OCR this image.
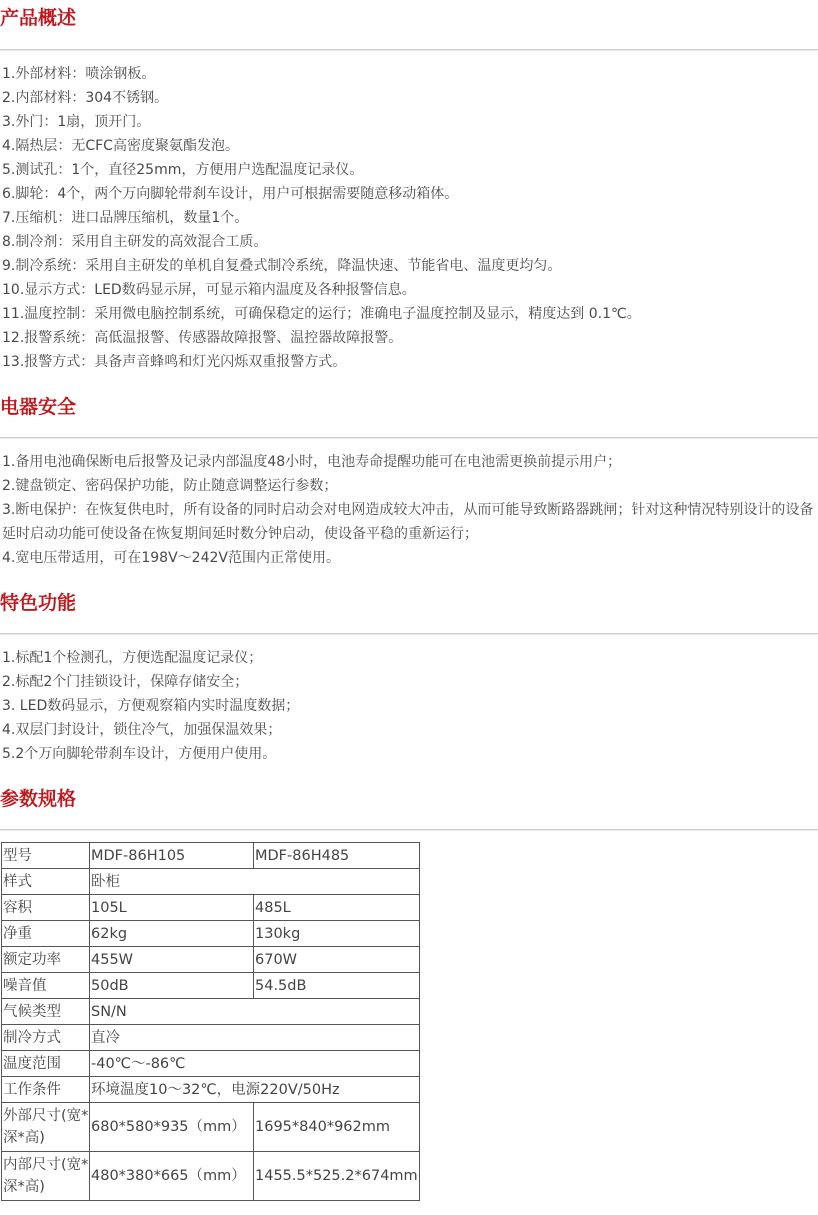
产品概述
1.外部材料：喷涂钢板。
2.内部材料：304不锈钢。
3.外门：1扇，顶开门。
4.隔热层：无CFC高密度聚氨酯发泡。
5.测试孔：1个，直径25mm，方便用户选配温度记录仪。
6.脚轮：4个，两个万向脚轮带刹车设计，用户可根据需要随意移动箱体。
7.压缩机：进口品牌压缩机，数量1个。
8.制冷剂：采用自主研发的高效混合工质。
9.制冷系统：采用自主研发的单机自复叠式制冷系统，降温快速、节能省电、温度更均匀。
10.显示方式：LED数码显示屏，可显示箱内温度及各种报警信息。
11.温度控制：采用微电脑控制系统，可确保稳定的运行；准确电子温度控制及显示，精度达到 0.1℃。
12.报警系统：高低温报警、传感器故障报警、温控器故障报警。
13.报警方式：具备声音蜂鸣和灯光闪烁双重报警方式。
电器安全
1.备用电池确保断电后报警及记录内部温度48小时，电池寿命提醒功能可在电池需更换前提示用户；
2.键盘锁定、密码保护功能，防止随意调整运行参数；
3.断电保护：在恢复供电时，所有设备的同时启动会对电网造成较大冲击，从而可能导致断路器跳闸；针对这种情况特别设计的设备延时启动功能可使设备在恢复期间延时数分钟启动，使设备平稳的重新运行；
4.宽电压带适用，可在198V～242V范围内正常使用。
特色功能
1.标配1个检测孔，方便选配温度记录仪；
2.标配2个门挂锁设计，保障存储安全；
3. LED数码显示，方便观察箱内实时温度数据；
4.双层门封设计，锁住冷气，加强保温效果；
5.2个万向脚轮带刹车设计，方便用户使用。
参数规格
型号	MDF-86H105	MDF-86H485
样式	卧柜	
容积	105L	485L
净重	62kg	130kg
额定功率	455W	670W
噪音值	50dB	54.5dB
气候类型	SN/N	
制冷方式	直冷	
温度范围	-40℃～-86℃	
工作条件	环境温度10～32℃，电源220V/50Hz	
外部尺寸(宽*深*高)	680*580*935（mm）	1695*840*962mm
内部尺寸(宽*深*高)	480*380*665（mm）	1455.5*525.2*674mm
